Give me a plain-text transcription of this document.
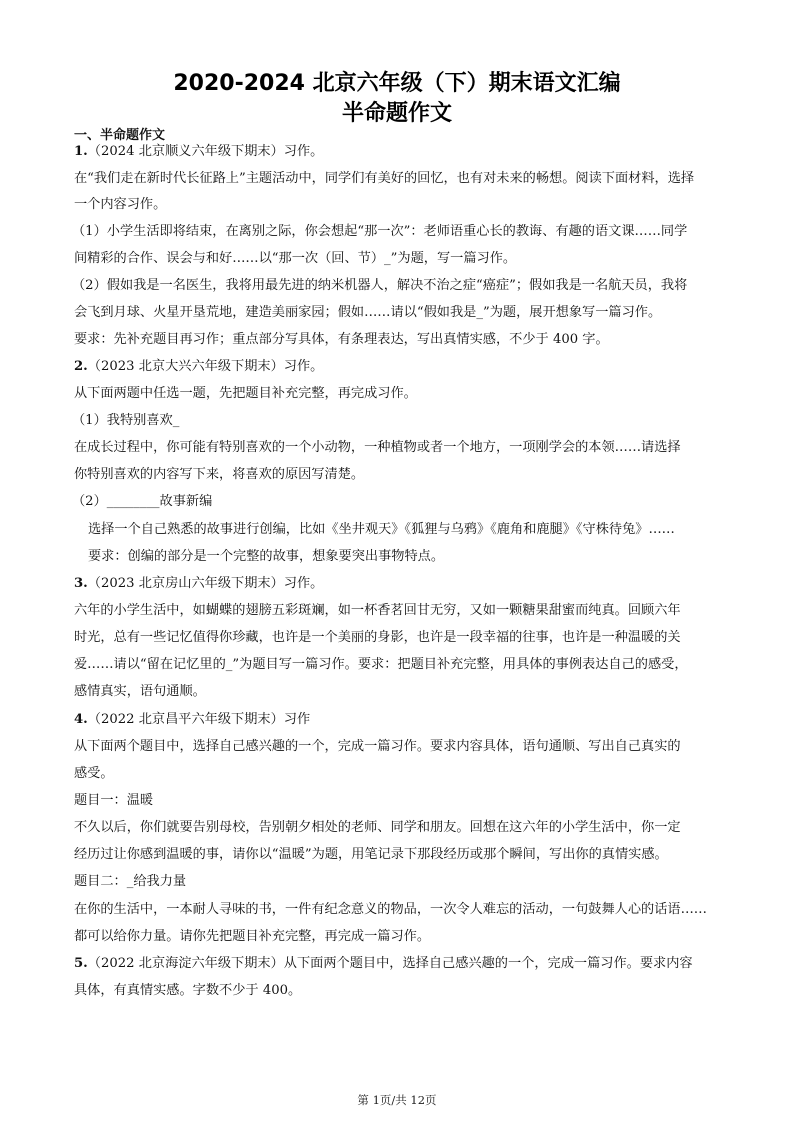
2020-2024 北京六年级（下）期末语文汇编
半命题作文
一、半命题作文
1.（2024 北京顺义六年级下期末）习作。
在“我们走在新时代长征路上”主题活动中，同学们有美好的回忆，也有对未来的畅想。阅读下面材料，选择
一个内容习作。
（1）小学生活即将结束，在离别之际，你会想起“那一次”：老师语重心长的教诲、有趣的语文课……同学
间精彩的合作、误会与和好……以“那一次（回、节）_”为题，写一篇习作。
（2）假如我是一名医生，我将用最先进的纳米机器人，解决不治之症“癌症”；假如我是一名航天员，我将
会飞到月球、火星开垦荒地，建造美丽家园；假如……请以“假如我是_”为题，展开想象写一篇习作。
要求：先补充题目再习作；重点部分写具体，有条理表达，写出真情实感，不少于 400 字。
2.（2023 北京大兴六年级下期末）习作。
从下面两题中任选一题，先把题目补充完整，再完成习作。
（1）我特别喜欢_
在成长过程中，你可能有特别喜欢的一个小动物，一种植物或者一个地方，一项刚学会的本领……请选择
你特别喜欢的内容写下来，将喜欢的原因写清楚。
（2）________故事新编
选择一个自己熟悉的故事进行创编，比如《坐井观天》《狐狸与乌鸦》《鹿角和鹿腿》《守株待兔》……
要求：创编的部分是一个完整的故事，想象要突出事物特点。
3.（2023 北京房山六年级下期末）习作。
六年的小学生活中，如蝴蝶的翅膀五彩斑斓，如一杯香茗回甘无穷，又如一颗糖果甜蜜而纯真。回顾六年
时光，总有一些记忆值得你珍藏，也许是一个美丽的身影，也许是一段幸福的往事，也许是一种温暖的关
爱……请以“留在记忆里的_”为题目写一篇习作。要求：把题目补充完整，用具体的事例表达自己的感受，
感情真实，语句通顺。
4.（2022 北京昌平六年级下期末）习作
从下面两个题目中，选择自己感兴趣的一个，完成一篇习作。要求内容具体，语句通顺、写出自己真实的
感受。
题目一：温暖
不久以后，你们就要告别母校，告别朝夕相处的老师、同学和朋友。回想在这六年的小学生活中，你一定
经历过让你感到温暖的事，请你以“温暖”为题，用笔记录下那段经历或那个瞬间，写出你的真情实感。
题目二：_给我力量
在你的生活中，一本耐人寻味的书，一件有纪念意义的物品，一次令人难忘的活动，一句鼓舞人心的话语……
都可以给你力量。请你先把题目补充完整，再完成一篇习作。
5.（2022 北京海淀六年级下期末）从下面两个题目中，选择自己感兴趣的一个，完成一篇习作。要求内容
具体，有真情实感。字数不少于 400。
第 1页/共 12页
